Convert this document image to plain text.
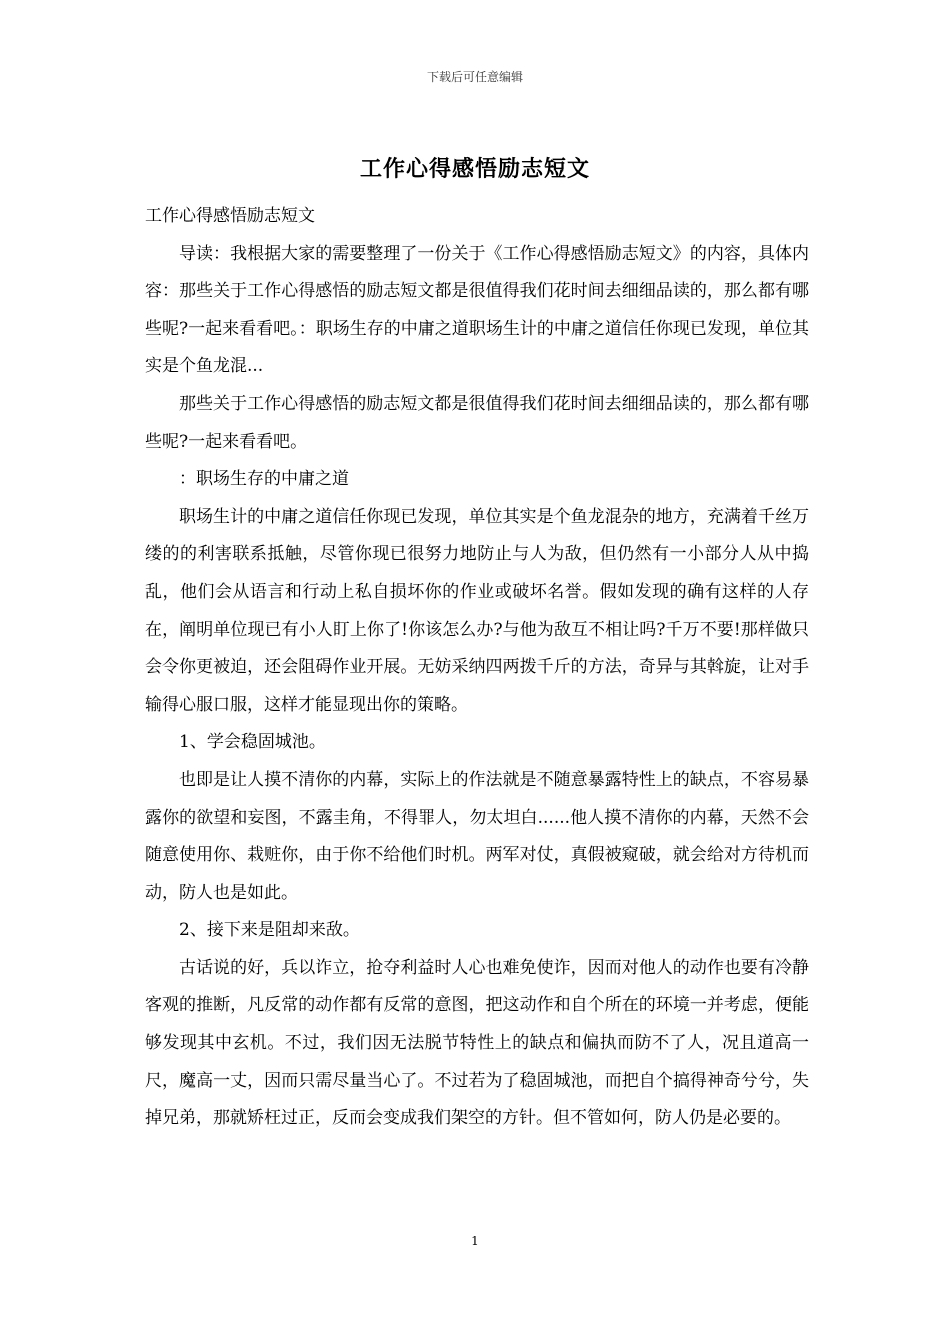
下载后可任意编辑
工作心得感悟励志短文

工作心得感悟励志短文

导读：我根据大家的需要整理了一份关于《工作心得感悟励志短文》的内容，具体内容：那些关于工作心得感悟的励志短文都是很值得我们花时间去细细品读的，那么都有哪些呢?一起来看看吧。：职场生存的中庸之道职场生计的中庸之道信任你现已发现，单位其实是个鱼龙混...

那些关于工作心得感悟的励志短文都是很值得我们花时间去细细品读的，那么都有哪些呢?一起来看看吧。

：职场生存的中庸之道

职场生计的中庸之道信任你现已发现，单位其实是个鱼龙混杂的地方，充满着千丝万缕的的利害联系抵触，尽管你现已很努力地防止与人为敌，但仍然有一小部分人从中捣乱，他们会从语言和行动上私自损坏你的作业或破坏名誉。假如发现的确有这样的人存在，阐明单位现已有小人盯上你了!你该怎么办?与他为敌互不相让吗?千万不要!那样做只会令你更被迫，还会阻碍作业开展。无妨采纳四两拨千斤的方法，奇异与其斡旋，让对手输得心服口服，这样才能显现出你的策略。

1、学会稳固城池。

也即是让人摸不清你的内幕，实际上的作法就是不随意暴露特性上的缺点，不容易暴露你的欲望和妄图，不露圭角，不得罪人，勿太坦白......他人摸不清你的内幕，天然不会随意使用你、栽赃你，由于你不给他们时机。两军对仗，真假被窥破，就会给对方待机而动，防人也是如此。

2、接下来是阻却来敌。

古话说的好，兵以诈立，抢夺利益时人心也难免使诈，因而对他人的动作也要有冷静客观的推断，凡反常的动作都有反常的意图，把这动作和自个所在的环境一并考虑，便能够发现其中玄机。不过，我们因无法脱节特性上的缺点和偏执而防不了人，况且道高一尺，魔高一丈，因而只需尽量当心了。不过若为了稳固城池，而把自个搞得神奇兮兮，失掉兄弟，那就矫枉过正，反而会变成我们架空的方针。但不管如何，防人仍是必要的。

1
